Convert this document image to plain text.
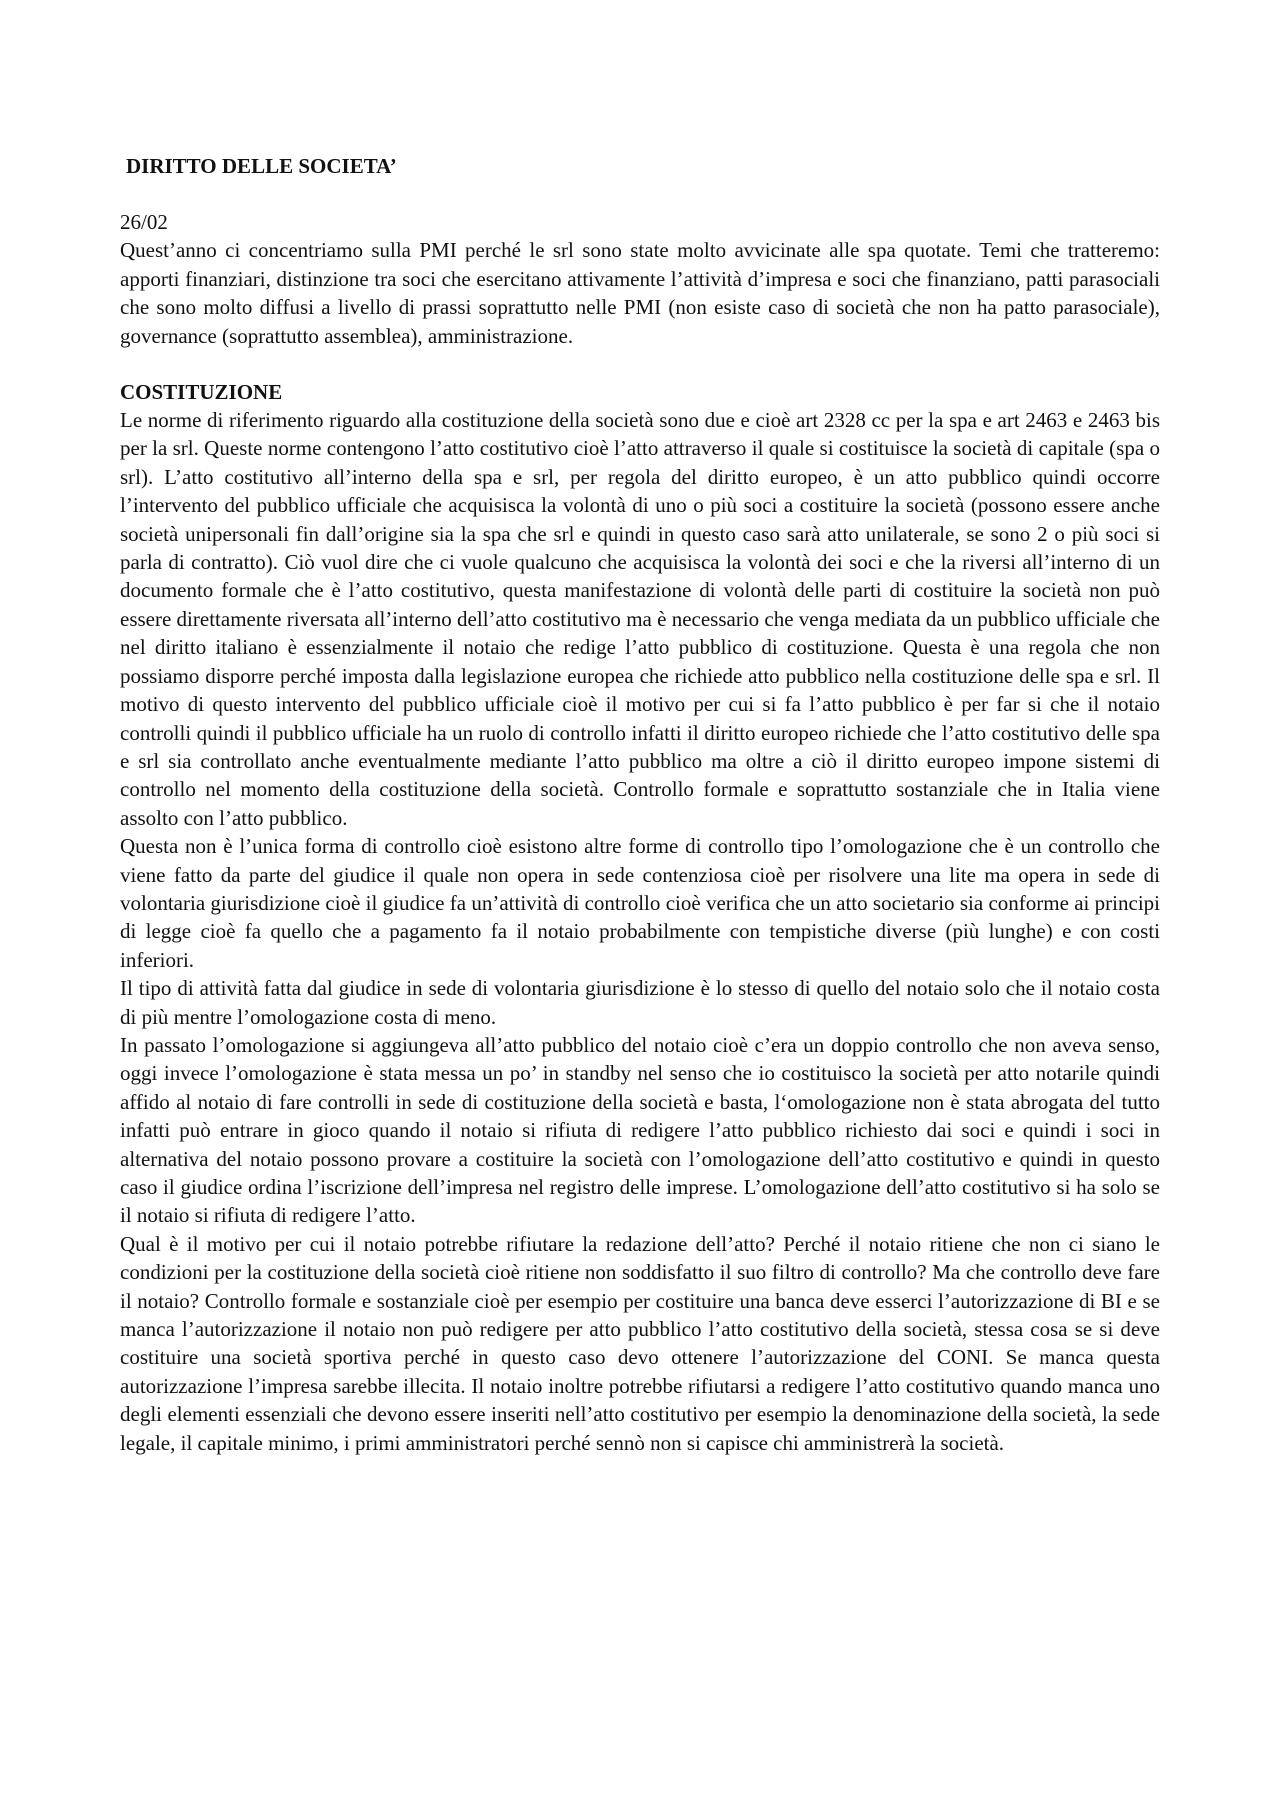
DIRITTO DELLE SOCIETA’
26/02

Quest’anno ci concentriamo sulla PMI perché le srl sono state molto avvicinate alle spa quotate. Temi che tratteremo: apporti finanziari, distinzione tra soci che esercitano attivamente l’attività d’impresa e soci che finanziano, patti parasociali che sono molto diffusi a livello di prassi soprattutto nelle PMI (non esiste caso di società che non ha patto parasociale), governance (soprattutto assemblea), amministrazione.

COSTITUZIONE

Le norme di riferimento riguardo alla costituzione della società sono due e cioè art 2328 cc per la spa e art 2463 e 2463 bis per la srl. Queste norme contengono l’atto costitutivo cioè l’atto attraverso il quale si costituisce la società di capitale (spa o srl). L’atto costitutivo all’interno della spa e srl, per regola del diritto europeo, è un atto pubblico quindi occorre l’intervento del pubblico ufficiale che acquisisca la volontà di uno o più soci a costituire la società (possono essere anche società unipersonali fin dall’origine sia la spa che srl e quindi in questo caso sarà atto unilaterale, se sono 2 o più soci si parla di contratto). Ciò vuol dire che ci vuole qualcuno che acquisisca la volontà dei soci e che la riversi all’interno di un documento formale che è l’atto costitutivo, questa manifestazione di volontà delle parti di costituire la società non può essere direttamente riversata all’interno dell’atto costitutivo ma è necessario che venga mediata da un pubblico ufficiale che nel diritto italiano è essenzialmente il notaio che redige l’atto pubblico di costituzione. Questa è una regola che non possiamo disporre perché imposta dalla legislazione europea che richiede atto pubblico nella costituzione delle spa e srl. Il motivo di questo intervento del pubblico ufficiale cioè il motivo per cui si fa l’atto pubblico è per far si che il notaio controlli quindi il pubblico ufficiale ha un ruolo di controllo infatti il diritto europeo richiede che l’atto costitutivo delle spa e srl sia controllato anche eventualmente mediante l’atto pubblico ma oltre a ciò il diritto europeo impone sistemi di controllo nel momento della costituzione della società. Controllo formale e soprattutto sostanziale che in Italia viene assolto con l’atto pubblico.

Questa non è l’unica forma di controllo cioè esistono altre forme di controllo tipo l’omologazione che è un controllo che viene fatto da parte del giudice il quale non opera in sede contenziosa cioè per risolvere una lite ma opera in sede di volontaria giurisdizione cioè il giudice fa un’attività di controllo cioè verifica che un atto societario sia conforme ai principi di legge cioè fa quello che a pagamento fa il notaio probabilmente con tempistiche diverse (più lunghe) e con costi inferiori.

Il tipo di attività fatta dal giudice in sede di volontaria giurisdizione è lo stesso di quello del notaio solo che il notaio costa di più mentre l’omologazione costa di meno.

In passato l’omologazione si aggiungeva all’atto pubblico del notaio cioè c’era un doppio controllo che non aveva senso, oggi invece l’omologazione è stata messa un po’ in standby nel senso che io costituisco la società per atto notarile quindi affido al notaio di fare controlli in sede di costituzione della società e basta, l‘omologazione non è stata abrogata del tutto infatti può entrare in gioco quando il notaio si rifiuta di redigere l’atto pubblico richiesto dai soci e quindi i soci in alternativa del notaio possono provare a costituire la società con l’omologazione dell’atto costitutivo e quindi in questo caso il giudice ordina l’iscrizione dell’impresa nel registro delle imprese. L’omologazione dell’atto costitutivo si ha solo se il notaio si rifiuta di redigere l’atto.

Qual è il motivo per cui il notaio potrebbe rifiutare la redazione dell’atto? Perché il notaio ritiene che non ci siano le condizioni per la costituzione della società cioè ritiene non soddisfatto il suo filtro di controllo? Ma che controllo deve fare il notaio? Controllo formale e sostanziale cioè per esempio per costituire una banca deve esserci l’autorizzazione di BI e se manca l’autorizzazione il notaio non può redigere per atto pubblico l’atto costitutivo della società, stessa cosa se si deve costituire una società sportiva perché in questo caso devo ottenere l’autorizzazione del CONI. Se manca questa autorizzazione l’impresa sarebbe illecita. Il notaio inoltre potrebbe rifiutarsi a redigere l’atto costitutivo quando manca uno degli elementi essenziali che devono essere inseriti nell’atto costitutivo per esempio la denominazione della società, la sede legale, il capitale minimo, i primi amministratori perché sennò non si capisce chi amministrerà la società.
